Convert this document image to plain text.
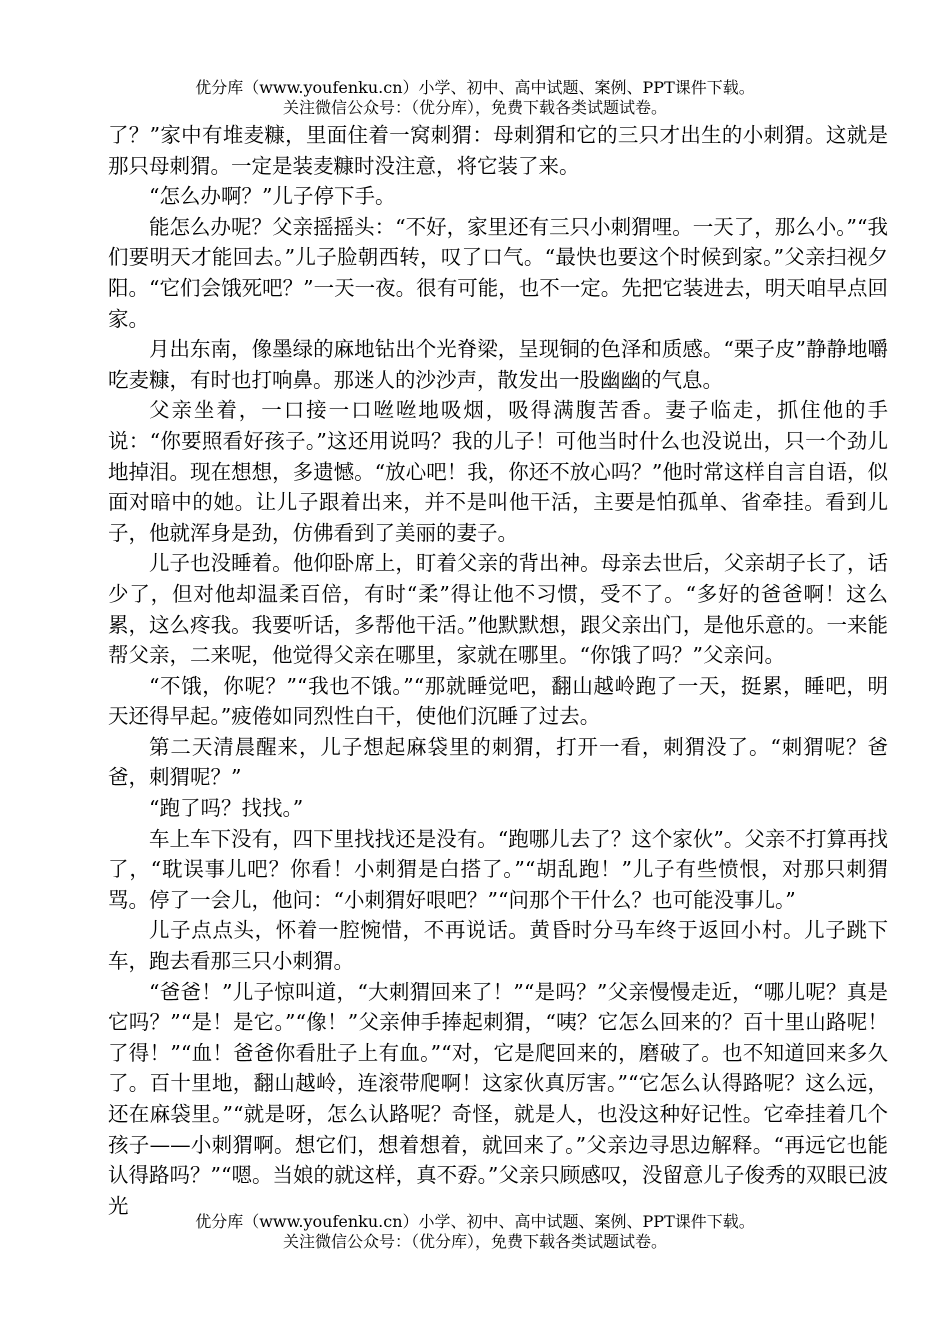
优分库（www.youfenku.cn）小学、初中、高中试题、案例、PPT课件下载。
关注微信公众号：（优分库），免费下载各类试题试卷。

了？”家中有堆麦糠，里面住着一窝刺猬：母刺猬和它的三只才出生的小刺猬。这就是那只母刺猬。一定是装麦糠时没注意，将它装了来。

“怎么办啊？”儿子停下手。

能怎么办呢？父亲摇摇头：“不好，家里还有三只小刺猬哩。一天了，那么小。”“我们要明天才能回去。”儿子脸朝西转，叹了口气。“最快也要这个时候到家。”父亲扫视夕阳。“它们会饿死吧？”一天一夜。很有可能，也不一定。先把它装进去，明天咱早点回家。

月出东南，像墨绿的麻地钻出个光脊梁，呈现铜的色泽和质感。“栗子皮”静静地嚼吃麦糠，有时也打响鼻。那迷人的沙沙声，散发出一股幽幽的气息。

父亲坐着，一口接一口咝咝地吸烟，吸得满腹苦香。妻子临走，抓住他的手说：“你要照看好孩子。”这还用说吗？我的儿子！可他当时什么也没说出，只一个劲儿地掉泪。现在想想，多遗憾。“放心吧！我，你还不放心吗？”他时常这样自言自语，似面对暗中的她。让儿子跟着出来，并不是叫他干活，主要是怕孤单、省牵挂。看到儿子，他就浑身是劲，仿佛看到了美丽的妻子。

儿子也没睡着。他仰卧席上，盯着父亲的背出神。母亲去世后，父亲胡子长了，话少了，但对他却温柔百倍，有时“柔”得让他不习惯，受不了。“多好的爸爸啊！这么累，这么疼我。我要听话，多帮他干活。”他默默想，跟父亲出门，是他乐意的。一来能帮父亲，二来呢，他觉得父亲在哪里，家就在哪里。“你饿了吗？”父亲问。

“不饿，你呢？”“我也不饿。”“那就睡觉吧，翻山越岭跑了一天，挺累，睡吧，明天还得早起。”疲倦如同烈性白干，使他们沉睡了过去。

第二天清晨醒来，儿子想起麻袋里的刺猬，打开一看，刺猬没了。“刺猬呢？爸爸，刺猬呢？”

“跑了吗？找找。”

车上车下没有，四下里找找还是没有。“跑哪儿去了？这个家伙”。父亲不打算再找了，“耽误事儿吧？你看！小刺猬是白搭了。”“胡乱跑！”儿子有些愤恨，对那只刺猬骂。停了一会儿，他问：“小刺猬好哏吧？”“问那个干什么？也可能没事儿。”

儿子点点头，怀着一腔惋惜，不再说话。黄昏时分马车终于返回小村。儿子跳下车，跑去看那三只小刺猬。

“爸爸！”儿子惊叫道，“大刺猬回来了！”“是吗？”父亲慢慢走近，“哪儿呢？真是它吗？”“是！是它。”“像！”父亲伸手捧起刺猬，“咦？它怎么回来的？百十里山路呢！了得！”“血！爸爸你看肚子上有血。”“对，它是爬回来的，磨破了。也不知道回来多久了。百十里地，翻山越岭，连滚带爬啊！这家伙真厉害。”“它怎么认得路呢？这么远，还在麻袋里。”“就是呀，怎么认路呢？奇怪，就是人，也没这种好记性。它牵挂着几个孩子——小刺猬啊。想它们，想着想着，就回来了。”父亲边寻思边解释。“再远它也能认得路吗？”“嗯。当娘的就这样，真不孬。”父亲只顾感叹，没留意儿子俊秀的双眼已波光

优分库（www.youfenku.cn）小学、初中、高中试题、案例、PPT课件下载。
关注微信公众号：（优分库），免费下载各类试题试卷。
